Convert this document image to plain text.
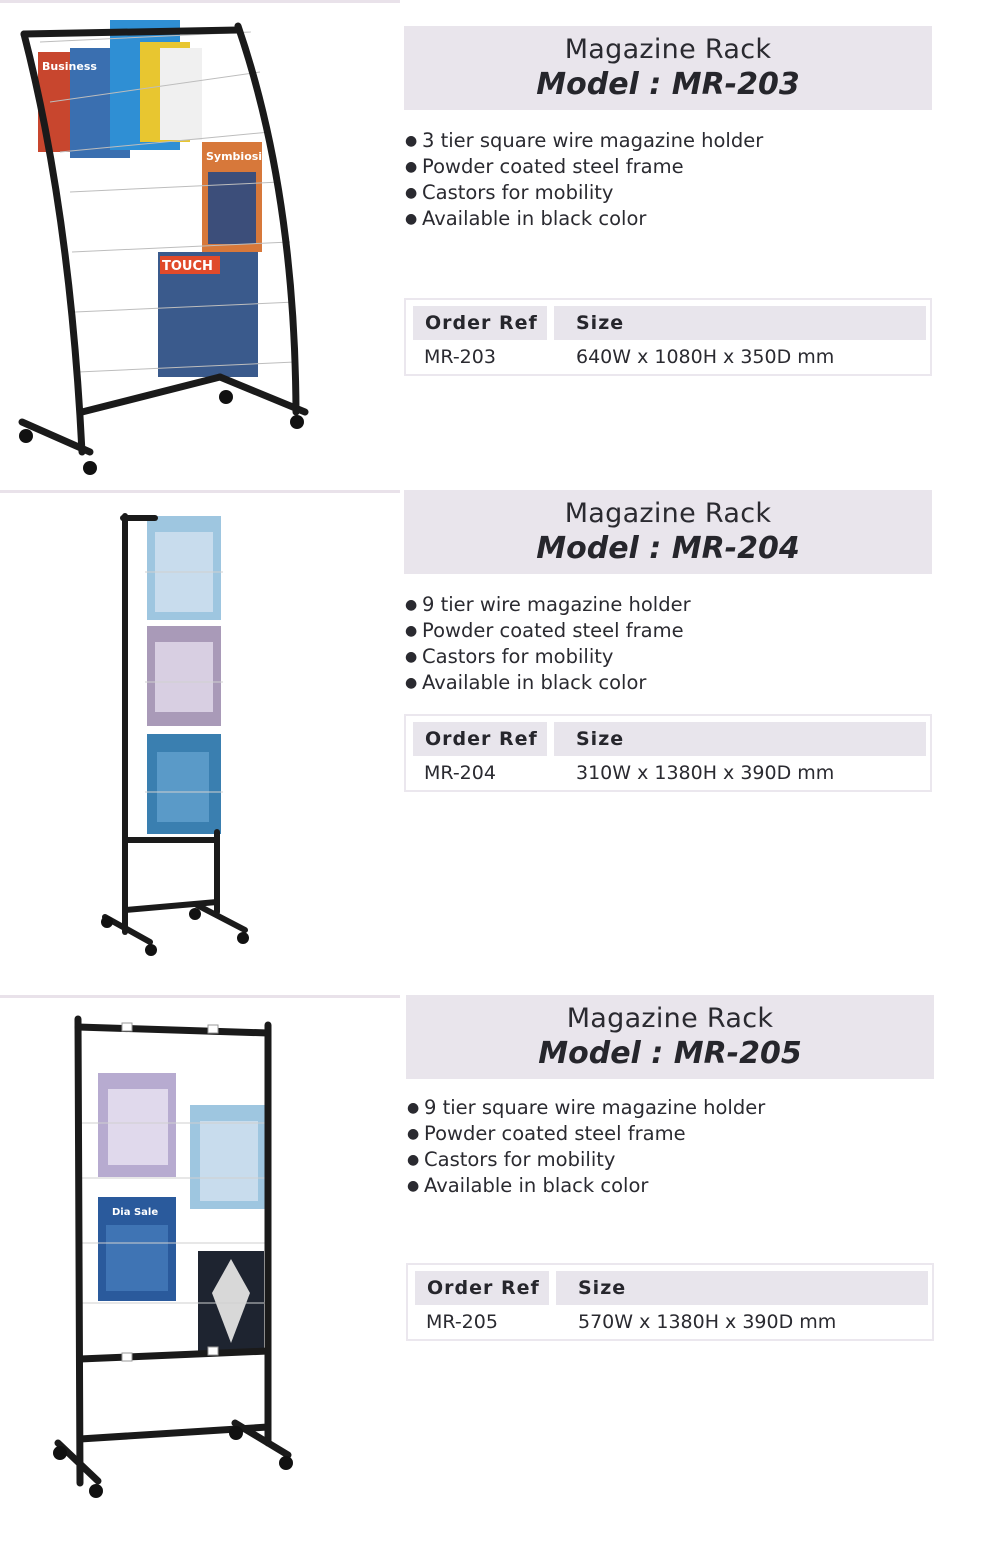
Business
Symbiosis
TOUCH
Magazine Rack
Model : MR-203
● 3 tier square wire magazine holder
● Powder coated steel frame
● Castors for mobility
● Available in black color
Order Ref	Size
MR-203	640W x 1080H x 350D mm
Magazine Rack
Model : MR-204
● 9 tier wire magazine holder
● Powder coated steel frame
● Castors for mobility
● Available in black color
Order Ref	Size
MR-204	310W x 1380H x 390D mm
Dia Sale
Magazine Rack
Model : MR-205
● 9 tier square wire magazine holder
● Powder coated steel frame
● Castors for mobility
● Available in black color
Order Ref	Size
MR-205	570W x 1380H x 390D mm
